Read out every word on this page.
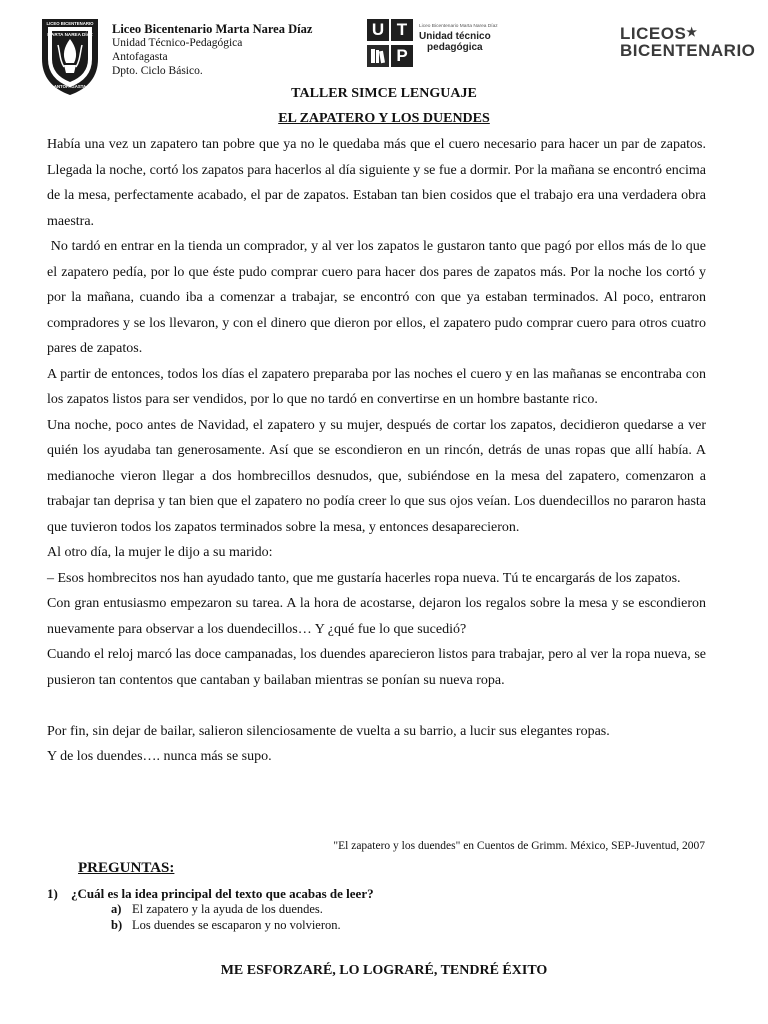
LICEO BICENTENARIO
MARTA NAREA DÍAZ
ANTOFAGASTA
Liceo Bicentenario Marta Narea Díaz
Unidad Técnico-Pedagógica
Antofagasta
Dpto. Ciclo Básico.
U T
P
Liceo Bicentenario Marta Narea Díaz
Unidad técnico
pedagógica
LICEOS★
BICENTENARIO
TALLER SIMCE LENGUAJE
EL ZAPATERO Y LOS DUENDES

Había una vez un zapatero tan pobre que ya no le quedaba más que el cuero necesario para hacer un par de zapatos. Llegada la noche, cortó los zapatos para hacerlos al día siguiente y se fue a dormir. Por la mañana se encontró encima de la mesa, perfectamente acabado, el par de zapatos. Estaban tan bien cosidos que el trabajo era una verdadera obra maestra.

No tardó en entrar en la tienda un comprador, y al ver los zapatos le gustaron tanto que pagó por ellos más de lo que el zapatero pedía, por lo que éste pudo comprar cuero para hacer dos pares de zapatos más. Por la noche los cortó y por la mañana, cuando iba a comenzar a trabajar, se encontró con que ya estaban terminados. Al poco, entraron compradores y se los llevaron, y con el dinero que dieron por ellos, el zapatero pudo comprar cuero para otros cuatro pares de zapatos.

A partir de entonces, todos los días el zapatero preparaba por las noches el cuero y en las mañanas se encontraba con los zapatos listos para ser vendidos, por lo que no tardó en convertirse en un hombre bastante rico.

Una noche, poco antes de Navidad, el zapatero y su mujer, después de cortar los zapatos, decidieron quedarse a ver quién los ayudaba tan generosamente. Así que se escondieron en un rincón, detrás de unas ropas que allí había. A medianoche vieron llegar a dos hombrecillos desnudos, que, subiéndose en la mesa del zapatero, comenzaron a trabajar tan deprisa y tan bien que el zapatero no podía creer lo que sus ojos veían. Los duendecillos no pararon hasta que tuvieron todos los zapatos terminados sobre la mesa, y entonces desaparecieron.

Al otro día, la mujer le dijo a su marido:

– Esos hombrecitos nos han ayudado tanto, que me gustaría hacerles ropa nueva. Tú te encargarás de los zapatos.

Con gran entusiasmo empezaron su tarea. A la hora de acostarse, dejaron los regalos sobre la mesa y se escondieron nuevamente para observar a los duendecillos… Y ¿qué fue lo que sucedió?

Cuando el reloj marcó las doce campanadas, los duendes aparecieron listos para trabajar, pero al ver la ropa nueva, se pusieron tan contentos que cantaban y bailaban mientras se ponían su nueva ropa.

Por fin, sin dejar de bailar, salieron silenciosamente de vuelta a su barrio, a lucir sus elegantes ropas.

Y de los duendes…. nunca más se supo.

"El zapatero y los duendes" en Cuentos de Grimm. México, SEP-Juventud, 2007
PREGUNTAS:
1) ¿Cuál es la idea principal del texto que acabas de leer?
a) El zapatero y la ayuda de los duendes.
b) Los duendes se escaparon y no volvieron.
ME ESFORZARÉ, LO LOGRARÉ, TENDRÉ ÉXITO
